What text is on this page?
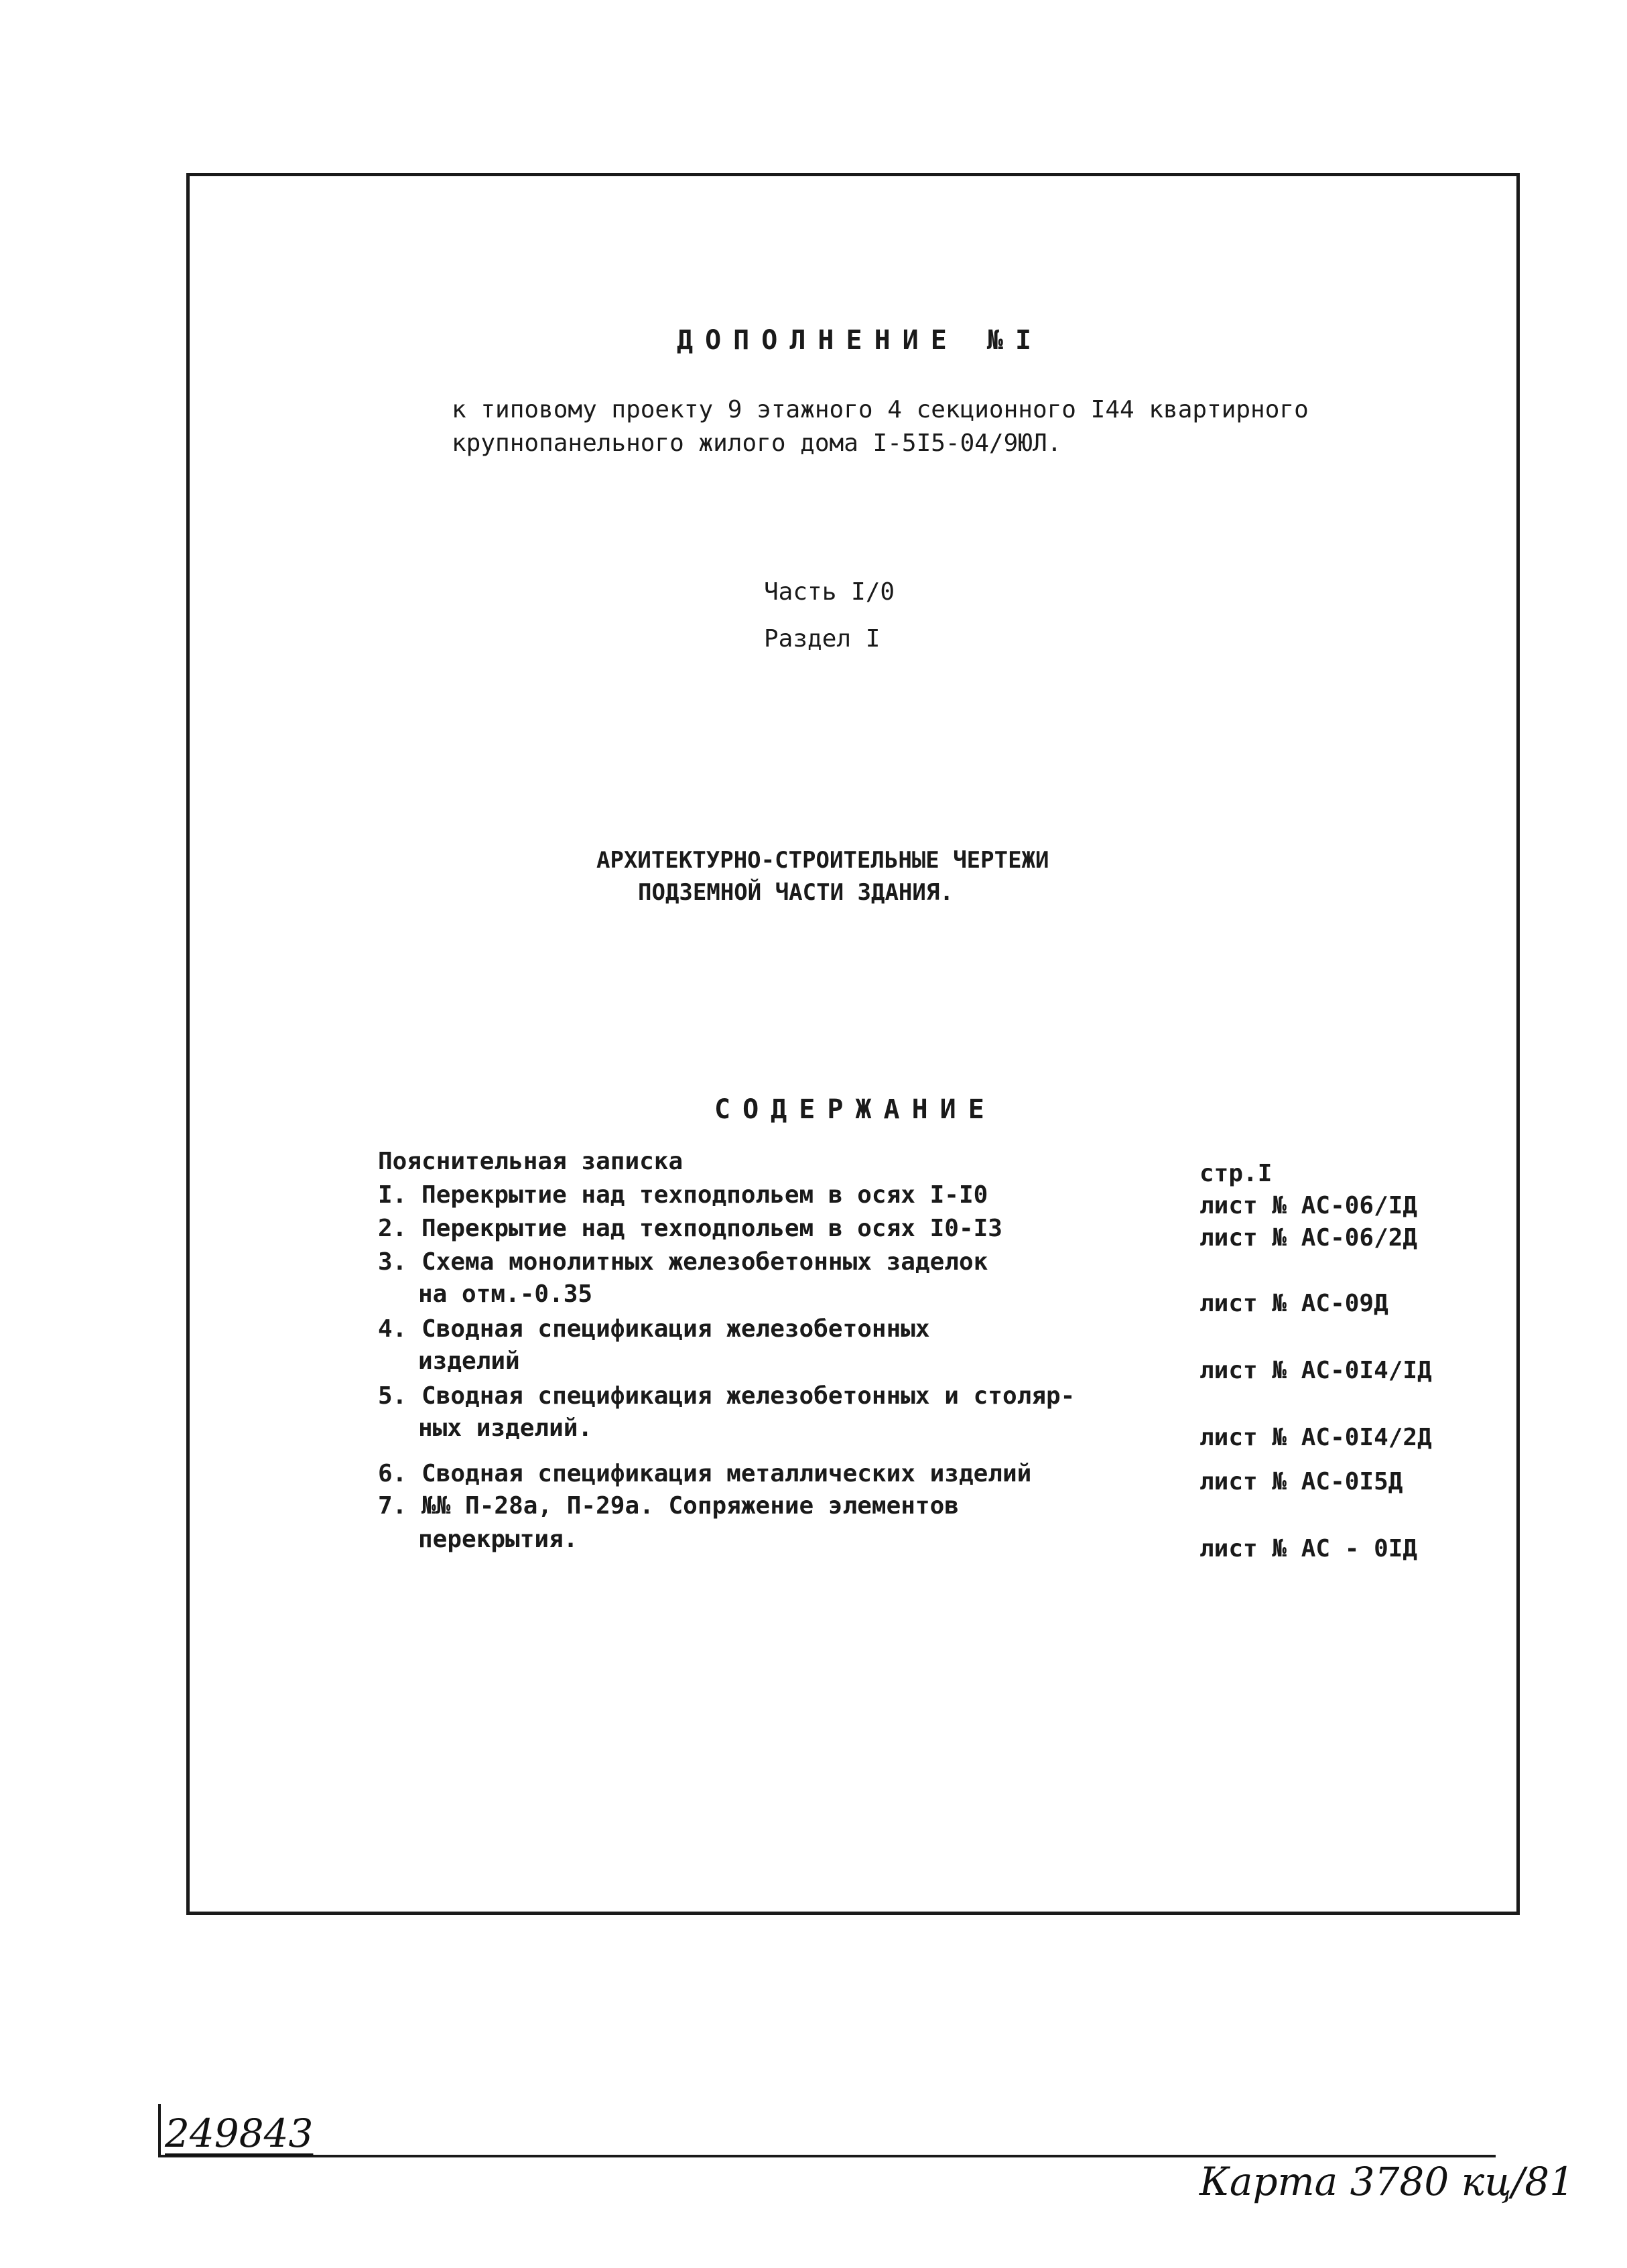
ДОПОЛНЕНИЕ №I
к типовому проекту 9 этажного 4 секционного I44 квартирного
крупнопанельного жилого дома I-5I5-04/9ЮЛ.
Часть I/0
Раздел I
АРХИТЕКТУРНО-СТРОИТЕЛЬНЫЕ ЧЕРТЕЖИ
ПОДЗЕМНОЙ ЧАСТИ ЗДАНИЯ.
СОДЕРЖАНИЕ
Пояснительная записка	стр.I
I. Перекрытие над техподпольем в осях I-I0	лист № АС-06/IД
2. Перекрытие над техподпольем в осях I0-I3	лист № АС-06/2Д
3. Схема монолитных железобетонных заделок
на отм.-0.35	лист № АС-09Д
4. Сводная спецификация железобетонных
изделий	лист № АС-0I4/IД
5. Сводная спецификация железобетонных и столяр-
ных изделий.	лист № АС-0I4/2Д
6. Сводная спецификация металлических изделий	лист № АС-0I5Д
7. №№ П-28а, П-29а. Сопряжение элементов
перекрытия.	лист № АС - 0IД
249843
Карта 3780 кц/81
